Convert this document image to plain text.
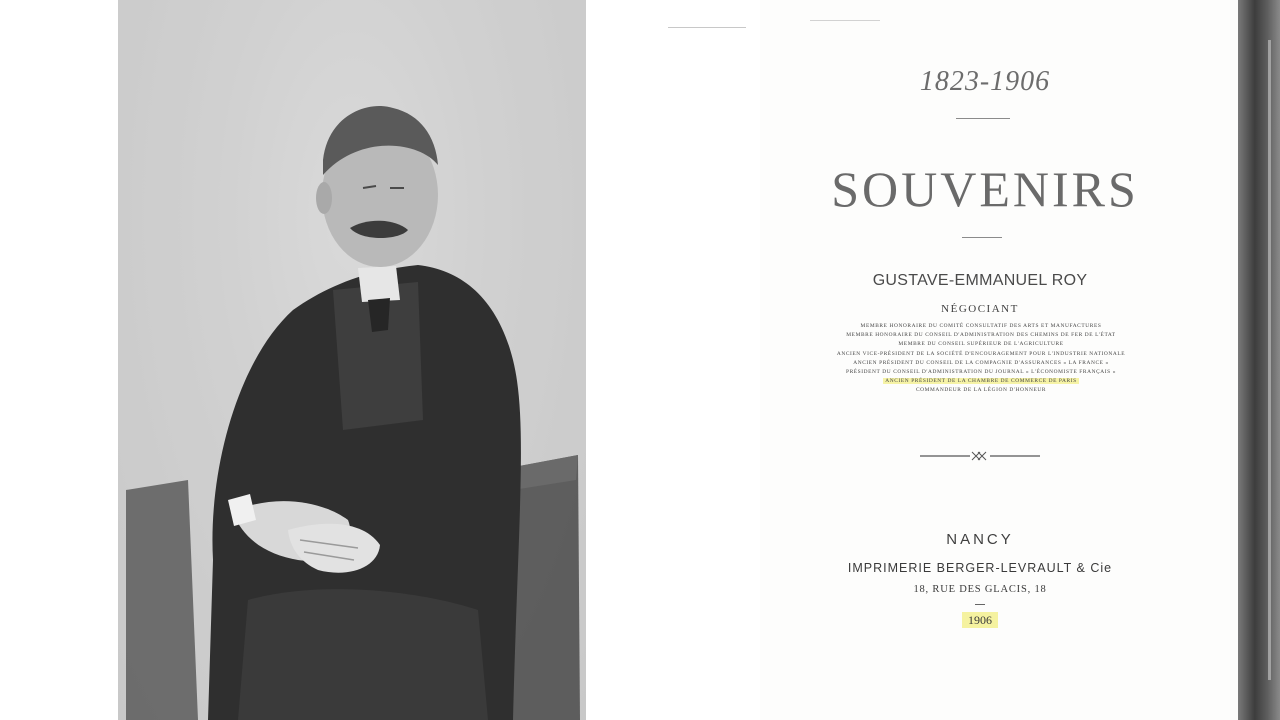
1823-1906
SOUVENIRS
GUSTAVE-EMMANUEL ROY
NÉGOCIANT
MEMBRE HONORAIRE DU COMITÉ CONSULTATIF DES ARTS ET MANUFACTURES
MEMBRE HONORAIRE DU CONSEIL D'ADMINISTRATION DES CHEMINS DE FER DE L'ÉTAT
MEMBRE DU CONSEIL SUPÉRIEUR DE L'AGRICULTURE
ANCIEN VICE-PRÉSIDENT DE LA SOCIÉTÉ D'ENCOURAGEMENT POUR L'INDUSTRIE NATIONALE
ANCIEN PRÉSIDENT DU CONSEIL DE LA COMPAGNIE D'ASSURANCES « LA FRANCE »
PRÉSIDENT DU CONSEIL D'ADMINISTRATION DU JOURNAL « L'ÉCONOMISTE FRANÇAIS »
ANCIEN PRÉSIDENT DE LA CHAMBRE DE COMMERCE DE PARIS
COMMANDEUR DE LA LÉGION D'HONNEUR
NANCY
IMPRIMERIE BERGER-LEVRAULT & Cie
18, RUE DES GLACIS, 18
1906
